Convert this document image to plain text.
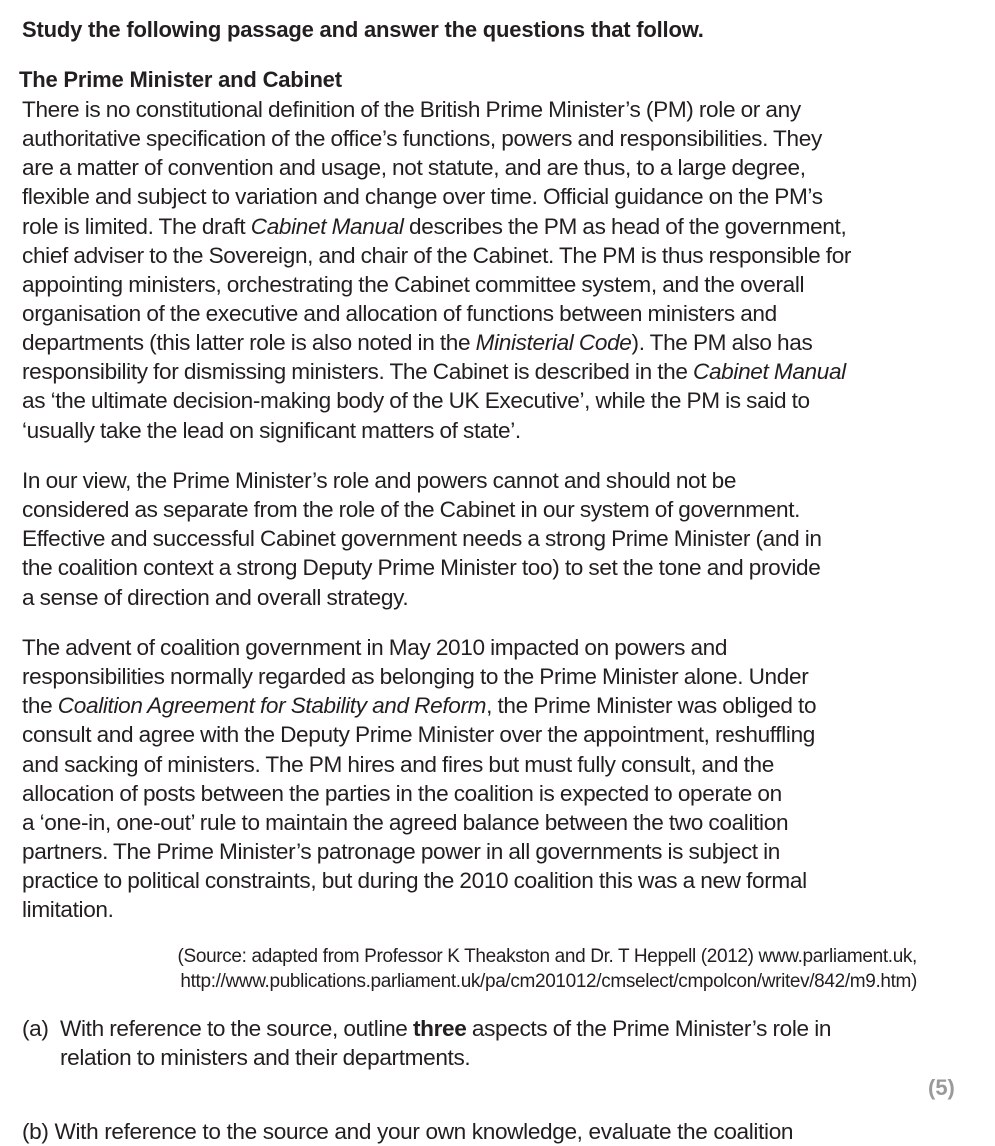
Study the following passage and answer the questions that follow.
The Prime Minister and Cabinet
There is no constitutional definition of the British Prime Minister’s (PM) role or any
authoritative specification of the office’s functions, powers and responsibilities. They
are a matter of convention and usage, not statute, and are thus, to a large degree,
flexible and subject to variation and change over time. Official guidance on the PM’s
role is limited. The draft Cabinet Manual describes the PM as head of the government,
chief adviser to the Sovereign, and chair of the Cabinet. The PM is thus responsible for
appointing ministers, orchestrating the Cabinet committee system, and the overall
organisation of the executive and allocation of functions between ministers and
departments (this latter role is also noted in the Ministerial Code). The PM also has
responsibility for dismissing ministers. The Cabinet is described in the Cabinet Manual
as ‘the ultimate decision-making body of the UK Executive’, while the PM is said to
‘usually take the lead on significant matters of state’.
In our view, the Prime Minister’s role and powers cannot and should not be
considered as separate from the role of the Cabinet in our system of government.
Effective and successful Cabinet government needs a strong Prime Minister (and in
the coalition context a strong Deputy Prime Minister too) to set the tone and provide
a sense of direction and overall strategy.
The advent of coalition government in May 2010 impacted on powers and
responsibilities normally regarded as belonging to the Prime Minister alone. Under
the Coalition Agreement for Stability and Reform, the Prime Minister was obliged to
consult and agree with the Deputy Prime Minister over the appointment, reshuffling
and sacking of ministers. The PM hires and fires but must fully consult, and the
allocation of posts between the parties in the coalition is expected to operate on
a ‘one-in, one-out’ rule to maintain the agreed balance between the two coalition
partners. The Prime Minister’s patronage power in all governments is subject in
practice to political constraints, but during the 2010 coalition this was a new formal
limitation.
(Source: adapted from Professor K Theakston and Dr. T Heppell (2012) www.parliament.uk,
http://www.publications.parliament.uk/pa/cm201012/cmselect/cmpolcon/writev/842/m9.htm)
(a) With reference to the source, outline three aspects of the Prime Minister’s role in
relation to ministers and their departments.
(5)
(b) With reference to the source and your own knowledge, evaluate the coalition
